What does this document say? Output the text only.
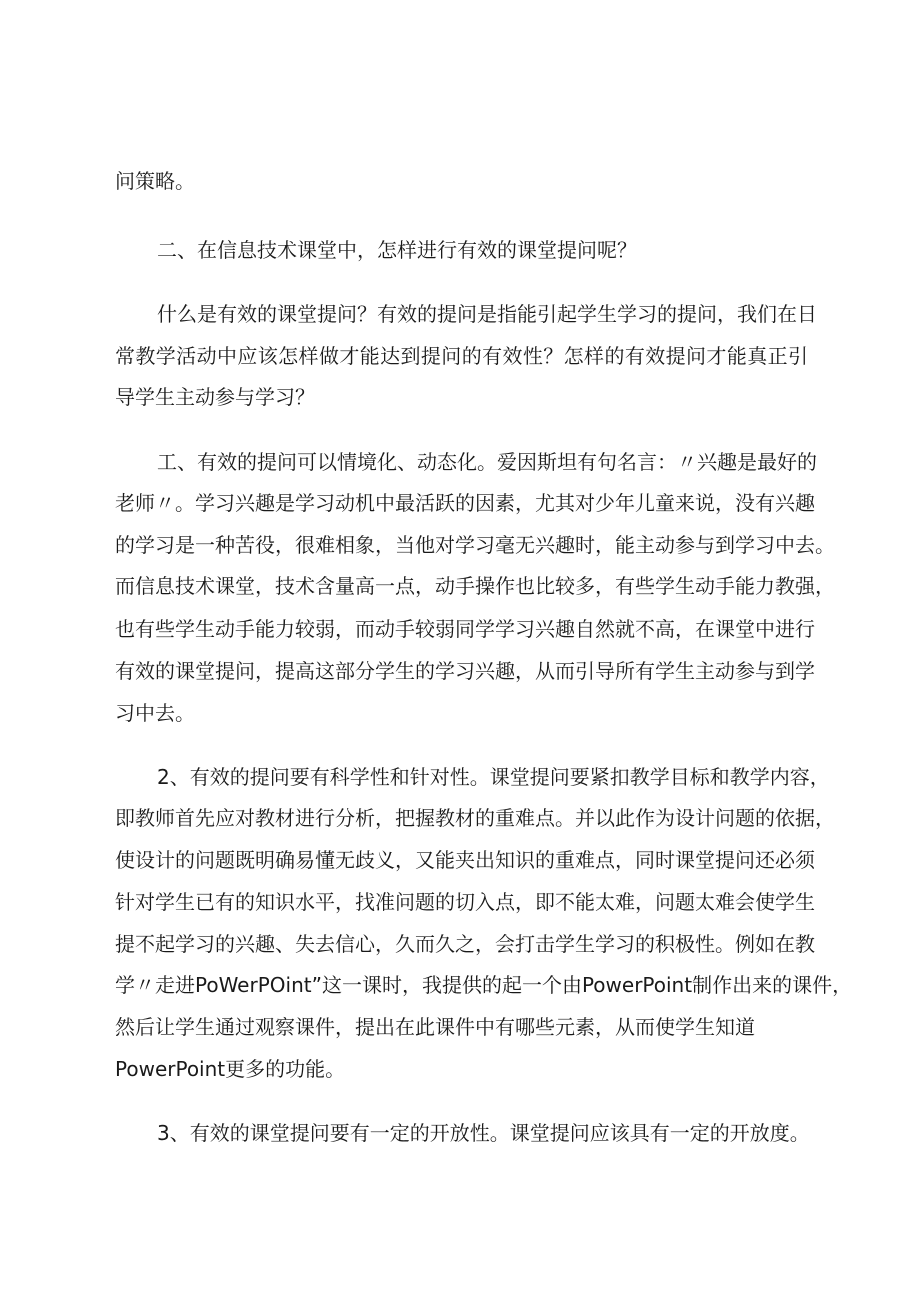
问策略。
二、在信息技术课堂中，怎样进行有效的课堂提问呢？
什么是有效的课堂提问？有效的提问是指能引起学生学习的提问，我们在日
常教学活动中应该怎样做才能达到提问的有效性？怎样的有效提问才能真正引
导学生主动参与学习？
工、有效的提问可以情境化、动态化。爱因斯坦有句名言：〃兴趣是最好的
老师〃。学习兴趣是学习动机中最活跃的因素，尤其对少年儿童来说，没有兴趣
的学习是一种苦役，很难相象，当他对学习毫无兴趣时，能主动参与到学习中去。
而信息技术课堂，技术含量高一点，动手操作也比较多，有些学生动手能力教强，
也有些学生动手能力较弱，而动手较弱同学学习兴趣自然就不高，在课堂中进行
有效的课堂提问，提高这部分学生的学习兴趣，从而引导所有学生主动参与到学
习中去。
2、有效的提问要有科学性和针对性。课堂提问要紧扣教学目标和教学内容，
即教师首先应对教材进行分析，把握教材的重难点。并以此作为设计问题的依据，
使设计的问题既明确易懂无歧义，又能夹出知识的重难点，同时课堂提问还必须
针对学生已有的知识水平，找准问题的切入点，即不能太难，问题太难会使学生
提不起学习的兴趣、失去信心，久而久之，会打击学生学习的积极性。例如在教
学〃走进PoWerPOint”这一课时，我提供的起一个由PowerPoint制作出来的课件，
然后让学生通过观察课件，提出在此课件中有哪些元素，从而使学生知道
PowerPoint更多的功能。
3、有效的课堂提问要有一定的开放性。课堂提问应该具有一定的开放度。
